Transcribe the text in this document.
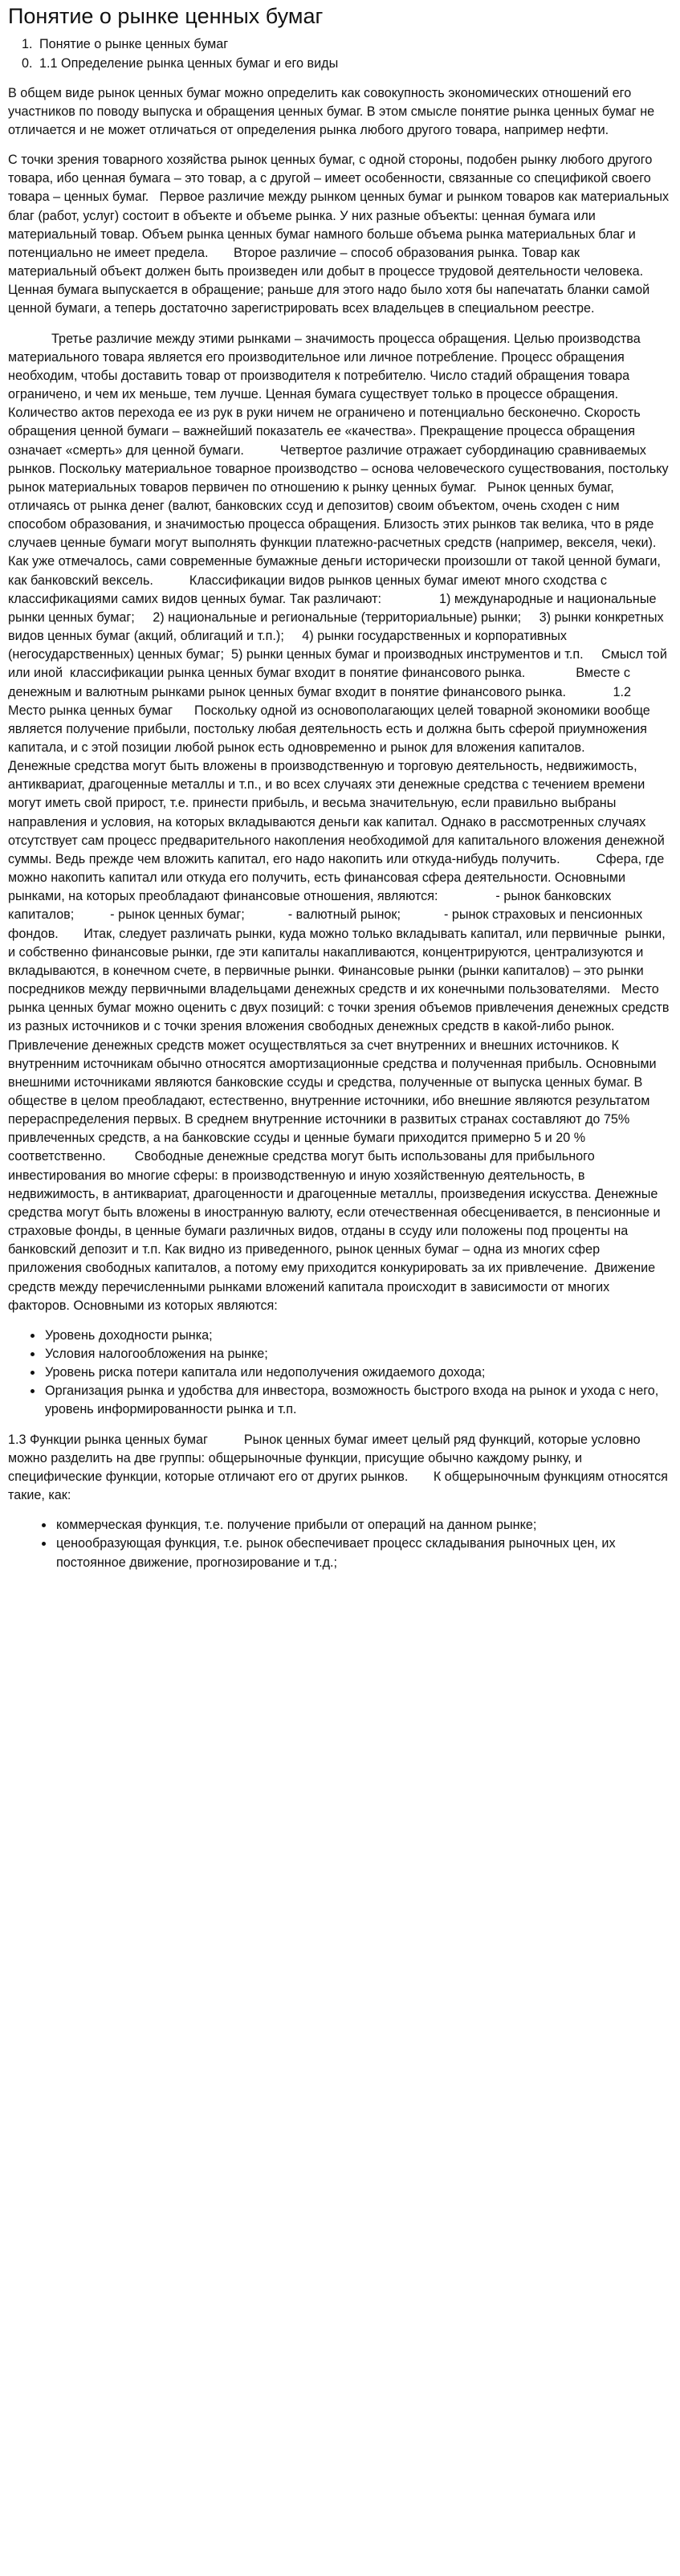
Понятие о рынке ценных бумаг
1. Понятие о рынке ценных бумаг
0. 1.1 Определение рынка ценных бумаг и его виды

В общем виде рынок ценных бумаг можно определить как совокупность экономических отношений его участников по поводу выпуска и обращения ценных бумаг. В этом смысле понятие рынка ценных бумаг не отличается и не может отличаться от определения рынка любого другого товара, например нефти.

С точки зрения товарного хозяйства рынок ценных бумаг, с одной стороны, подобен рынку любого другого товара, ибо ценная бумага – это товар, а с другой – имеет особенности, связанные со спецификой своего товара – ценных бумаг.   Первое различие между рынком ценных бумаг и рынком товаров как материальных благ (работ, услуг) состоит в объекте и объеме рынка. У них разные объекты: ценная бумага или материальный товар. Объем рынка ценных бумаг намного больше объема рынка материальных благ и потенциально не имеет предела.       Второе различие – способ образования рынка. Товар как материальный объект должен быть произведен или добыт в процессе трудовой деятельности человека. Ценная бумага выпускается в обращение; раньше для этого надо было хотя бы напечатать бланки самой ценной бумаги, а теперь достаточно зарегистрировать всех владельцев в специальном реестре.

Третье различие между этими рынками – значимость процесса обращения. Целью производства материального товара является его производительное или личное потребление. Процесс обращения необходим, чтобы доставить товар от производителя к потребителю. Число стадий обращения товара ограничено, и чем их меньше, тем лучше. Ценная бумага существует только в процессе обращения. Количество актов перехода ее из рук в руки ничем не ограничено и потенциально бесконечно. Скорость обращения ценной бумаги – важнейший показатель ее «качества». Прекращение процесса обращения означает «смерть» для ценной бумаги.          Четвертое различие отражает субординацию сравниваемых рынков. Поскольку материальное товарное производство – основа человеческого существования, постольку рынок материальных товаров первичен по отношению к рынку ценных бумаг.   Рынок ценных бумаг, отличаясь от рынка денег (валют, банковских ссуд и депозитов) своим объектом, очень сходен с ним способом образования, и значимостью процесса обращения. Близость этих рынков так велика, что в ряде случаев ценные бумаги могут выполнять функции платежно-расчетных средств (например, векселя, чеки). Как уже отмечалось, сами современные бумажные деньги исторически произошли от такой ценной бумаги, как банковский вексель.          Классификации видов рынков ценных бумаг имеют много сходства с классификациями самих видов ценных бумаг. Так различают:                1) международные и национальные рынки ценных бумаг;     2) национальные и региональные (территориальные) рынки;     3) рынки конкретных видов ценных бумаг (акций, облигаций и т.п.);     4) рынки государственных и корпоративных (негосударственных) ценных бумаг;  5) рынки ценных бумаг и производных инструментов и т.п.     Смысл той или иной  классификации рынка ценных бумаг входит в понятие финансового рынка.              Вместе с денежным и валютным рынками рынок ценных бумаг входит в понятие финансового рынка.             1.2 Место рынка ценных бумаг      Поскольку одной из основополагающих целей товарной экономики вообще является получение прибыли, постольку любая деятельность есть и должна быть сферой приумножения капитала, и с этой позиции любой рынок есть одновременно и рынок для вложения капиталов.           Денежные средства могут быть вложены в производственную и торговую деятельность, недвижимость, антиквариат, драгоценные металлы и т.п., и во всех случаях эти денежные средства с течением времени могут иметь свой прирост, т.е. принести прибыль, и весьма значительную, если правильно выбраны  направления и условия, на которых вкладываются деньги как капитал. Однако в рассмотренных случаях отсутствует сам процесс предварительного накопления необходимой для капитального вложения денежной суммы. Ведь прежде чем вложить капитал, его надо накопить или откуда-нибудь получить.          Сфера, где можно накопить капитал или откуда его получить, есть финансовая сфера деятельности. Основными рынками, на которых преобладают финансовые отношения, являются:                - рынок банковских капиталов;          - рынок ценных бумаг;            - валютный рынок;            - рынок страховых и пенсионных фондов.       Итак, следует различать рынки, куда можно только вкладывать капитал, или первичные  рынки, и собственно финансовые рынки, где эти капиталы накапливаются, концентрируются, централизуются и вкладываются, в конечном счете, в первичные рынки. Финансовые рынки (рынки капиталов) – это рынки посредников между первичными владельцами денежных средств и их конечными пользователями.   Место рынка ценных бумаг можно оценить с двух позиций: с точки зрения объемов привлечения денежных средств из разных источников и с точки зрения вложения свободных денежных средств в какой-либо рынок.       Привлечение денежных средств может осуществляться за счет внутренних и внешних источников. К внутренним источникам обычно относятся амортизационные средства и полученная прибыль. Основными внешними источниками являются банковские ссуды и средства, полученные от выпуска ценных бумаг. В обществе в целом преобладают, естественно, внутренние источники, ибо внешние являются результатом перераспределения первых. В среднем внутренние источники в развитых странах составляют до 75% привлеченных средств, а на банковские ссуды и ценные бумаги приходится примерно 5 и 20 % соответственно.        Свободные денежные средства могут быть использованы для прибыльного инвестирования во многие сферы: в производственную и иную хозяйственную деятельность, в недвижимость, в антиквариат, драгоценности и драгоценные металлы, произведения искусства. Денежные средства могут быть вложены в иностранную валюту, если отечественная обесценивается, в пенсионные и страховые фонды, в ценные бумаги различных видов, отданы в ссуду или положены под проценты на банковский депозит и т.п. Как видно из приведенного, рынок ценных бумаг – одна из многих сфер приложения свободных капиталов, а потому ему приходится конкурировать за их привлечение.  Движение средств между перечисленными рынками вложений капитала происходит в зависимости от многих факторов. Основными из которых являются:

• Уровень доходности рынка;
• Условия налогообложения на рынке;
• Уровень риска потери капитала или недополучения ожидаемого дохода;
• Организация рынка и удобства для инвестора, возможность быстрого входа на рынок и ухода с него, уровень информированности рынка и т.п.

1.3 Функции рынка ценных бумаг          Рынок ценных бумаг имеет целый ряд функций, которые условно можно разделить на две группы: общерыночные функции, присущие обычно каждому рынку, и специфические функции, которые отличают его от других рынков.       К общерыночным функциям относятся такие, как:

• коммерческая функция, т.е. получение прибыли от операций на данном рынке;
• ценообразующая функция, т.е. рынок обеспечивает процесс складывания рыночных цен, их постоянное движение, прогнозирование и т.д.;
